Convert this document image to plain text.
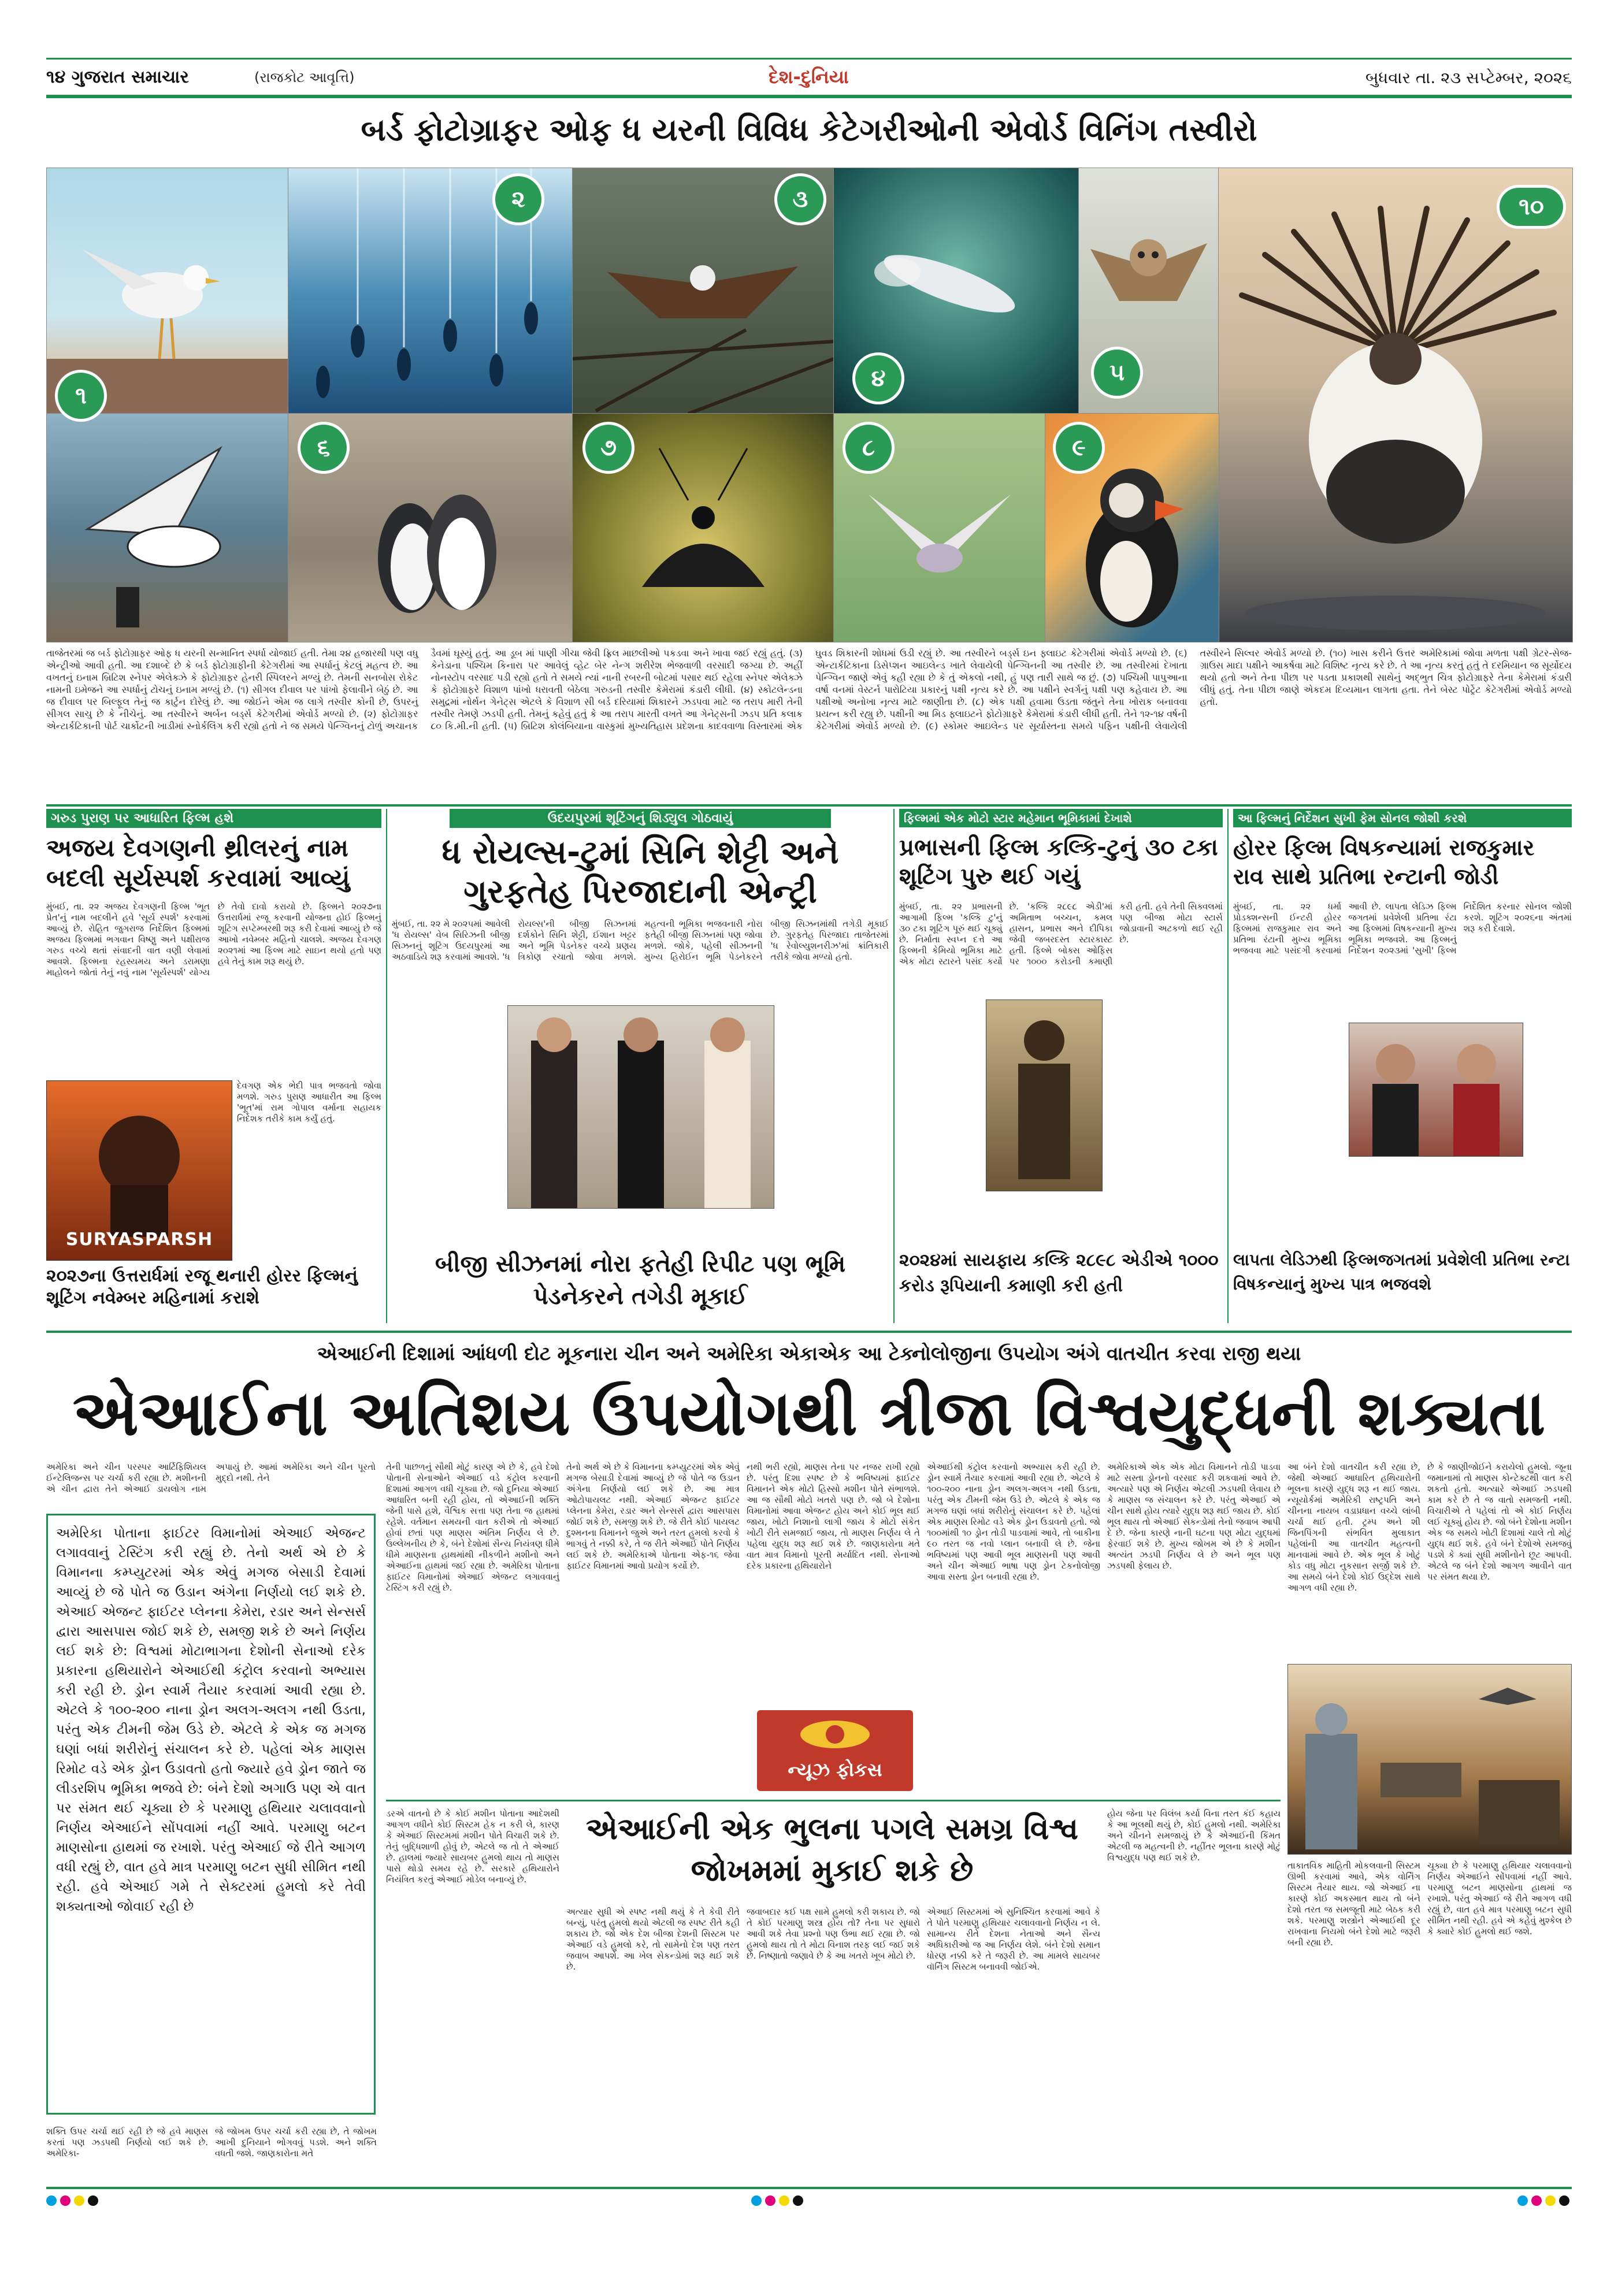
૧૪ ગુજરાત સમાચાર	(રાજકોટ આવૃત્તિ)	દેશ-દુનિયા	બુધવાર તા. ૨૩ સપ્ટેમ્બર, ૨૦૨૬
બર્ડ ફોટોગ્રાફર ઓફ ધ યરની વિવિધ કેટેગરીઓની એવોર્ડ વિનિંગ તસ્વીરો
૧
૨	૩
૪	૫
૬	૭	૮	૯
૧૦
તાજેતરમાં જ બર્ડ ફોટોગ્રાફર ઓફ ધ યરની સન્માનિત સ્પર્ધા યોજાઈ હતી. તેમા ૨૪ હજારથી પણ વધુ એન્ટ્રીઓ આવી હતી. આ દશાબ્દે છે કે બર્ડ ફોટોગ્રાફીની કેટેગરીમાં આ સ્પર્ધાનું કેટલું મહત્વ છે. આ વખતનું ઇનામ બ્રિટિશ સ્નેપર એલેક્ઝે કે ફોટોગ્રાફર હેનરી સ્પિલરને મળ્યું છે. તેમની સનબોસ રોકેટ નામની ઇમેજને આ સ્પર્ધાનું ટોચનું ઇનામ મળ્યું છે. (૧) સીગલ દીવાલ પર પાંખો ફેલાવીને બેઠું છે. આ જ દીવાલ પર બિલ્ફૂલ તેનું જ કાર્ટુન દોરેલું છે. આ જોઈને એમ જ લાગે તસ્વીર કોની છે, ઉપરનું સીગલ સાચુ છે કે નીચેનું. આ તસ્વીરને અર્બન બર્ડ્સ કેટેગરીમાં એવોર્ડ મળ્યો છે. (૨) ફોટોગ્રાફર એન્ટાર્કટિકાની પોર્ટ ચાર્કોટની ખાડીમાં સ્નોર્કલિંગ કરી રહ્યો હતો ને જ સમયે પેન્ગ્વિનનું ટોળું અચાનક ડૈવમાં ઘૂસ્યું હતું. આ ડૂબ માં પાણી ગીચા જેવી ફ્રિલ માછલીઓ પકડવા અને ખાવા જઈ રહ્યું હતું. (૩) કેનેડાના પશ્ચિમ કિનારા પર આવેલું વ્હેટ બેર નેન્ગ શરીરેશ ભેજવાળી વરસાદી જગ્યા છે. અહીં નોનસ્ટોપ વરસાદ પડી રહ્યો હતો તે સમયે ત્યાં નાની રબરની બોટમાં પસાર થઈ રહેલા સ્નેપર એલેક્ઝે કે ફોટોગ્રાફરે વિશાળ પાંખો ધરાવતી બેઠેલા ગરુડની તસ્વીર કેમેરામાં કંડારી લીધી. (૪) સ્કોટલેન્ડના સમુદ્રમાં નોર્થન ગેનેટ્સ એટલે કે વિશાળ સી બર્ડ દરિયામાં શિકારને ઝડપવા માટે જ તરાપ મારી તેની તસ્વીર તેમણે ઝડપી હતી. તેમનું કહેવું હતું કે આ તરાપ મારતી વખતે આ ગેનેટ્સની ઝડપ પ્રતિ કલાક ૮૦ કિ.મી.ની હતી. (૫) બ્રિટિશ કોલંબિયાના વાસ્કુમાં મુખ્યતિહાસ પ્રદેશના કાદવવાળા વિસ્તારમાં એક ઘુવડ શિકારની શોધમાં ઉડી રહ્યું છે. આ તસ્વીરને બર્ડ્સ ઇન ફ્લાઇટ કેટેગરીમાં એવોર્ડ મળ્યો છે. (૬) એન્ટાર્કટિકાના ડિસેપ્શન આઇલેન્ડ ખાતે લેવાયેલી પેન્ગ્વિનની આ તસ્વીર છે. આ તસ્વીરમાં દેખાતા પેન્ગ્વિન જાણે એવું કહી રહ્યા છે કે તું એકલો નથી, હું પણ તારી સાથે જ છું. (૭) પશ્ચિમી પાપુઆના વર્ષા વનમાં વેસ્ટર્ન પારોટિયા પ્રકારનું પક્ષી નૃત્ય કરે છે. આ પક્ષીને સ્વર્ગનું પક્ષી પણ કહેવાય છે. આ પક્ષીઓ અનોખા નૃત્ય માટે જાણીતા છે. (૮) એક પક્ષી હવામા ઉડતા જંતુને તેના ખોરાક બનાવવા પ્રયત્ન કરી રહ્યુ છે. પક્ષીની આ મિડ ફ્લાઇટને ફોટોગ્રાફરે કેમેરામાં કંડારી લીધી હતી. તેને ૧૨-૧૪ વર્ષની કેટેગરીમાં એવોર્ડ મળ્યો છે. (૯) સ્કોમર આઇલેન્ડ પર સૂર્યાસ્તના સમયે પફિન પક્ષીની લેવાયેલી તસ્વીરને સિલ્વર એવોર્ડ મળ્યો છે. (૧૦) ખાસ કરીને ઉત્તર અમેરિકામાં જોવા મળતા પક્ષી ગ્રેટર-સેજ-ગ્રાઉસ માદા પક્ષીને આકર્ષવા માટે વિશિષ્ટ નૃત્ય કરે છે. તે આ નૃત્ય કરતું હતું તે દરમિયાન જ સૂર્યોદય થયો હતો અને તેના પીછા પર પડતા પ્રકાશથી સાથેનું અદ્ભુત ચિત્ર ફોટોગ્રાફરે તેના કેમેરામાં કંડારી લીધું હતું. તેના પીછા જાણે એકદમ દિવ્યમાન લાગતા હતા. તેને બેસ્ટ પોર્ટ્રેટ કેટેગરીમાં એવોર્ડ મળ્યો હતો.
ગરુડ પુરાણ પર આધારિત ફિલ્મ હશે
અજય દેવગણની થ્રીલરનું નામ બદલી સૂર્યસ્પર્શ કરવામાં આવ્યું
મુંબઈ, તા. ૨૨ અજય દેવગણની ફિલ્મ 'ભૂત પ્રેત'નું નામ બદલીને હવે 'સૂર્ય સ્પર્શ' કરવામાં આવ્યું છે. રોહિત જુગરાજ નિર્દેશિત ફિલ્મમાં અજય ફિલ્મમાં ભગવાન વિષ્ણુ અને પક્ષીરાજ ગરુડ વચ્ચે થતાં સંવાદની વાત વણી લેવામાં આવશે. ફિલ્મના રહસ્યમય અને ડરામણા માહોલને જોતાં તેનું નવું નામ 'સૂર્યસ્પર્શ' યોગ્ય છે તેવો દાવો કરાયો છે. ફિલ્મને ૨૦૨૭ના ઉત્તરાર્ધમાં રજૂ કરવાની યોજના હોઈ ફિલ્મનું શૂટિંગ સપ્ટેમ્બરથી શરૂ કરી દેવામાં આવ્યું છે જે આખો નવેમ્બર મહિનો ચાલશે. અજય દેવગણ ૨૦૨૧માં આ ફિલ્મ માટે સાઇન થયો હતો પણ હવે તેનું કામ શરૂ થયું છે.
SURYASPARSH
દેવગણ એક ભેદી પાત્ર ભજવતો જોવા મળશે. ગરુડ પુરાણ આધારીત આ ફિલ્મ 'ભૂત'માં રામ ગોપાલ વર્માના સહાયક નિર્દેશક તરીકે કામ કર્યું હતું.
૨૦૨૭ના ઉત્તરાર્ધમાં રજૂ થનારી હોરર ફિલ્મનું શૂટિંગ નવેમ્બર મહિનામાં કરાશે
ઉદયપુરમાં શૂટિંગનું શિડ્યુલ ગોઠવાયું
ધ રોયલ્સ-ટુમાં સિનિ શેટ્ટી અને ગુરફતેહ પિરજાદાની એન્ટ્રી
મુંબઈ, તા. ૨૨ મે ૨૦૨૫માં આવેલી 'ધ રોયલ્સ' વેબ સિરિઝની બીજી સિઝનનું શૂટિંગ ઉદયપુરમાં આ અઠવાડિયે શરૂ કરવામાં આવશે. 'ધ રોયલ્સ'ની બીજી સિઝનમાં દર્શકોને સિનિ શેટ્ટી, ઈશાન ખટ્ટર અને ભૂમિ પેડનેકર વચ્ચે પ્રણય ત્રિકોણ રચાતો જોવા મળશે. મહત્વની ભૂમિકા ભજવનારી નોરા ફતેહી બીજી સિઝનમાં પણ જોવા મળશે. જોકે, પહેલી સીઝનની મુખ્ય હિરોઈન ભૂમિ પેડનેકરને બીજી સિઝનમાંથી તગેડી મૂકાઈ છે. ગુરફતેહ પિરજાદા તાજેતરમાં 'ધ રેવોલ્યુશનરીઝ'માં ક્રાંતિકારી તરીકે જોવા મળ્યો હતો.
બીજી સીઝનમાં નોરા ફતેહી રિપીટ પણ ભૂમિ પેડનેકરને તગેડી મૂકાઈ
ફિલ્મમાં એક મોટો સ્ટાર મહેમાન ભૂમિકામાં દેખાશે
પ્રભાસની ફિલ્મ કલ્કિ-ટુનું ૩૦ ટકા શૂટિંગ પુરુ થઈ ગયું
મુંબઈ, તા. ૨૨ પ્રભાસની આગામી ફિલ્મ 'કલ્કિ ટુ'નું ૩૦ ટકા શૂટિંગ પૂરું થઈ ચૂક્યું છે. નિર્માતા સ્વપ્ન દત્તે આ ફિલ્મની કેમિયો ભૂમિકા માટે એક મોટા સ્ટારને પસંદ કર્યો છે. 'કલ્કિ ૨૮૯૮ એડી'માં અમિતાભ બચ્ચન, કમલ હાસન, પ્રભાસ અને દીપિકા જેવી જબરદસ્ત સ્ટારકાસ્ટ હતી. ફિલ્મે બોક્સ ઓફિસ પર ૧૦૦૦ કરોડની કમાણી કરી હતી. હવે તેની સિક્વલમાં પણ બીજા મોટા સ્ટાર્સ જોડાવાની અટકળો થઈ રહી છે.
૨૦૨૪માં સાયફાય કલ્કિ ૨૮૯૮ એડીએ ૧૦૦૦ કરોડ રૂપિયાની કમાણી કરી હતી
આ ફિલ્મનું નિર્દેશન સુખી ફેમ સોનલ જોશી કરશે
હોરર ફિલ્મ વિષકન્યામાં રાજકુમાર રાવ સાથે પ્રતિભા રન્ટાની જોડી
મુંબઈ, તા. ૨૨ ધર્મા પ્રોડક્શન્સની ઈન્ટરી હોરર ફિલ્મમાં રાજકુમાર રાવ અને પ્રતિભા રંટાની મુખ્ય ભૂમિકા ભજવવા માટે પસંદગી કરવામાં આવી છે. લાપતા લેડિઝ ફિલ્મ જગતમાં પ્રવેશેલી પ્રતિભા રંટા આ ફિલ્મમાં વિષકન્યાની મુખ્ય ભૂમિકા ભજવશે. આ ફિલ્મનું નિર્દેશન ૨૦૨૩માં 'સુખી' ફિલ્મ નિર્દેશિત કરનાર સોનલ જોશી કરશે. શૂટિંગ ૨૦૨૬ના અંતમાં શરૂ કરી દેવાશે.
લાપતા લેડિઝથી ફિલ્મજગતમાં પ્રવેશેલી પ્રતિભા રન્ટા વિષકન્યાનું મુખ્ય પાત્ર ભજવશે
એઆઈની દિશામાં આંધળી દોટ મૂકનારા ચીન અને અમેરિકા એકાએક આ ટેક્નોલોજીના ઉપયોગ અંગે વાતચીત કરવા રાજી થયા
એઆઈના અતિશય ઉપયોગથી ત્રીજા વિશ્વયુદ્ધની શક્યતા
અમેરિકા અને ચીન પરસ્પર આર્ટિફિશિયલ ઈન્ટેલિજન્સ પર ચર્ચા કરી રહ્યા છે. મશીનની એ ચીન દ્વારા તેને એઆઈ ડાયલોગ નામ અપાયું છે. આમાં અમેરિકા અને ચીન પૂરતો મુદ્દો નથી. તેને
અમેરિકા પોતાના ફાઈટર વિમાનોમાં એઆઈ એજન્ટ લગાવવાનું ટેસ્ટિંગ કરી રહ્યું છે. તેનો અર્થ એ છે કે વિમાનના કમ્પ્યુટરમાં એક એવું મગજ બેસાડી દેવામાં આવ્યું છે જે પોતે જ ઉડાન અંગેના નિર્ણયો લઈ શકે છે. એઆઈ એજન્ટ ફાઈટર પ્લેનના કેમેરા, રડાર અને સેન્સર્સ દ્વારા આસપાસ જોઈ શકે છે, સમજી શકે છે અને નિર્ણય લઈ શકે છે: વિશ્વમાં મોટાભાગના દેશોની સેનાઓ દરેક પ્રકારના હથિયારોને એઆઈથી કંટ્રોલ કરવાનો અભ્યાસ કરી રહી છે. ડ્રોન સ્વાર્મ તૈયાર કરવામાં આવી રહ્યા છે. એટલે કે ૧૦૦-૨૦૦ નાના ડ્રોન અલગ-અલગ નથી ઉડતા, પરંતુ એક ટીમની જેમ ઉડે છે. એટલે કે એક જ મગજ ઘણાં બધાં શરીરોનું સંચાલન કરે છે. પહેલાં એક માણસ રિમોટ વડે એક ડ્રોન ઉડાવતો હતો જ્યારે હવે ડ્રોન જાતે જ લીડરશિપ ભૂમિકા ભજવે છે: બંને દેશો અગાઉ પણ એ વાત પર સંમત થઈ ચૂક્યા છે કે પરમાણુ હથિયાર ચલાવવાનો નિર્ણય એઆઈને સોંપવામાં નહીં આવે. પરમાણુ બટન માણસોના હાથમાં જ રખાશે. પરંતુ એઆઈ જે રીતે આગળ વધી રહ્યું છે, વાત હવે માત્ર પરમાણુ બટન સુધી સીમિત નથી રહી. હવે એઆઈ ગમે તે સેક્ટરમાં હુમલો કરે તેવી શક્યતાઓ જોવાઈ રહી છે
તેની પાછળનું સૌથી મોટું કારણ એ છે કે, હવે દેશો પોતાની સેનાઓને એઆઈ વડે કંટ્રોલ કરવાની દિશામાં આગળ વધી ચૂક્યા છે. જો દુનિયા એઆઈ આધારિત બની રહી હોય, તો એઆઈની શક્તિ જેની પાસે હશે, વૈશ્વિક સત્તા પણ તેના જ હાથમાં રહેશે. વર્તમાન સમયની વાત કરીએ તો એઆઈ હોવાં છતાં પણ માણસ અંતિમ નિર્ણય લે છે. ઉલ્લેખનીય છે કે, બંને દેશોમાં સૈન્ય નિયંત્રણ ધીમે ધીમે માણસના હાથમાંથી નીકળીને મશીનો અને એઆઈના હાથમાં જઈ રહ્યા છે. અમેરિકા પોતાના ફાઈટર વિમાનોમાં એઆઈ એજન્ટ લગાવવાનું ટેસ્ટિંગ કરી રહ્યું છે.
તેનો અર્થ એ છે કે વિમાનના કમ્પ્યુટરમાં એક એવું મગજ બેસાડી દેવામાં આવ્યું છે જે પોતે જ ઉડાન અંગેના નિર્ણયો લઈ શકે છે. આ માત્ર ઓટોપાયલટ નથી. એઆઈ એજન્ટ ફાઈટર પ્લેનના કેમેરા, રડાર અને સેન્સર્સ દ્વારા આસપાસ જોઈ શકે છે, સમજી શકે છે. જે રીતે કોઈ પાયલટ દુશ્મનના વિમાનને જુએ અને તરત હુમલો કરવો કે ભાગવું તે નક્કી કરે, તે જ રીતે એઆઈ પોતે નિર્ણય લઈ શકે છે. અમેરિકાએ પોતાના એફ-૧૬ જેવા ફાઈટર વિમાનમાં આવો પ્રયોગ કર્યો છે.
નથી ભરી રહ્યો, માણસ તેના પર નજર રાખી રહ્યો છે. પરંતુ દિશા સ્પષ્ટ છે કે ભવિષ્યમાં ફાઈટર વિમાનને એક મોટો હિસ્સો મશીન પોતે સંભાળશે. આ જ સૌથી મોટો ખતરો પણ છે. જો બે દેશોના વિમાનોમાં આવા એજન્ટ હોય અને કોઈ ભૂલ થઈ જાય, ખોટો નિશાનો લાગી જાય કે મોટો સંકેત ખોટી રીતે સમજાઈ જાય, તો માણસ નિર્ણય લે તે પહેલા યુદ્ધ શરૂ થઈ શકે છે. જાણકારોના મતે વાત માત્ર વિમાનો પૂરતી મર્યાદિત નથી. સેનાઓ દરેક પ્રકારના હથિયારોને
એઆઈથી કંટ્રોલ કરવાનો અભ્યાસ કરી રહી છે. ડ્રોન સ્વાર્મ તૈયાર કરવામાં આવી રહ્યા છે. એટલે કે ૧૦૦-૨૦૦ નાના ડ્રોન અલગ-અલગ નથી ઉડતા, પરંતુ એક ટીમની જેમ ઉડે છે. એટલે કે એક જ મગજ ઘણાં બધાં શરીરોનું સંચાલન કરે છે. પહેલાં એક માણસ રિમોટ વડે એક ડ્રોન ઉડાવતો હતો. જો ૧૦૦માંથી ૧૦ ડ્રોન તોડી પાડવામાં આવે, તો બાકીના ૯૦ તરત જ નવો પ્લાન બનાવી લે છે. જેના ભવિષ્યમાં પણ આવી ભૂલ માણસની પણ આવી અને ચીન એઆઈ ભાષા પણ ડ્રોન ટેકનોલોજી આવા સસ્તા ડ્રોન બનાવી રહ્યા છે.
અમેરિકાએ એક એક મોટા વિમાનને તોડી પાડવા માટે સસ્તા ડ્રોનનો વરસાદ કરી શકવામાં આવે છે. અત્યારે પણ એ નિર્ણય એટલી ઝડપથી લેવાય છે કે માણસ જ સંચાલન કરે છે. પરંતુ એઆઈ એ ચીન સાથે હોય ત્યારે યુદ્ધ શરૂ થઈ જાય છે. કોઈ ભૂલ થાય તો એઆઈ સેકન્ડોમાં તેનો જવાબ આપી દે છે. જેના કારણે નાની ઘટના પણ મોટા યુદ્ધમાં ફેરવાઈ શકે છે. મુખ્ય જોખમ એ છે કે મશીન અત્યંત ઝડપી નિર્ણય લે છે અને ભૂલ પણ ઝડપથી ફેલાય છે.
આ બંને દેશો વાતચીત કરી રહ્યા છે, જેથી એઆઈ આધારિત હથિયારોની ભૂલના કારણે યુદ્ધ શરૂ ન થઈ જાય. ન્યૂયોર્કમાં અમેરિકી રાષ્ટ્રપતિ અને ચીનના નાયબ વડાપ્રધાન વચ્ચે લાંબી ચર્ચા થઈ હતી. ટ્રમ્પ અને શી જિનપિંગની સંભવિત મુલાકાત પહેલાંની આ વાતચીત મહત્વની માનવામાં આવે છે. એક ભૂલ કે ખોટું કોડ વધુ મોટા નુકસાન સર્જી શકે છે. આ સમયે બંને દેશો કોઈ ઉદ્દેશ સાથે આગળ વધી રહ્યા છે.
છે કે જાણીજોઈને કરાયેલો હુમલો. જૂના જમાનામાં તો માણસ કોન્ટેક્ટથી વાત કરી શકતો હતો. અત્યારે એઆઈ ઝડપથી કામ કરે છે તે જ વાતો સમજતી નથી. વિચારીએ તે પહેલાં તો એ કોઈ નિર્ણય લઈ ચૂક્યું હોય છે. જો બંને દેશોના મશીન એક જ સમયે ખોટી દિશામાં ચાલે તો મોટું યુદ્ધ થઈ શકે. હવે બંને દેશોએ સમજવું પડશે કે ક્યાં સુધી મશીનોને છૂટ આપવી. એટલે જ બંને દેશો આગળ આવીને વાત પર સંમત થયા છે.
ન્યૂઝ ફોકસ
એઆઈની એક ભુલના પગલે સમગ્ર વિશ્વ જોખમમાં મુકાઈ શકે છે
ડરએ વાતનો છે કે કોઈ મશીન પોતાના આદેશથી આગળ વધીને કોઈ સિસ્ટમ હેક ન કરી લે, કારણ કે એઆઈ સિસ્ટમમાં મશીન પોતે વિચારી શકે છે. તેનું બુદ્ધિશાળી હોવું છે, એટલે જ તો તે એઆઈ છે. હાલમાં જ્યારે સાયબર હુમલો થાય તો માણસ પાસે થોડો સમય રહે છે. સરકારે હથિયારોને નિયંત્રિત કરતું એઆઈ મોડેલ બનાવ્યું છે.
અત્યાર સુધી એ સ્પષ્ટ નથી થયું કે તે કેવી રીતે બન્યું, પરંતુ હુમલો થયો એટલી જ સ્પષ્ટ રીતે કહી શકાય છે. જો એક દેશ બીજા દેશની સિસ્ટમ પર એઆઈ વડે હુમલો કરે, તો સામેનો દેશ પણ તરત જવાબ આપશે. આ ખેલ સેકન્ડોમાં શરૂ થઈ શકે છે.
જવાબદાર કઈ પક્ષ સામે હુમલો કરી શકાય છે. જો તે કોઈ પરમાણુ શસ્ત્ર હોય તો? તેના પર સુધારો આવી શકે તેવા પ્રશ્નો પણ ઉભા થઈ રહ્યા છે. જો હુમલો થાય તો તે મોટા વિનાશ તરફ લઈ જઈ શકે છે. નિષ્ણાતો જણાવે છે કે આ ખતરો ખૂબ મોટો છે.
એઆઈ સિસ્ટમમાં એ સુનિશ્ચિત કરવામાં આવે કે તે પોતે પરમાણુ હથિયાર ચલાવવાનો નિર્ણય ન લે. સામાન્ય રીતે દેશના નેતાઓ અને સૈન્ય અધિકારીઓ જ આ નિર્ણય લેશે. બંને દેશો સમાન ધોરણ નક્કી કરે તે જરૂરી છે. આ મામલે સાયબર વૉર્નિંગ સિસ્ટમ બનાવવી જોઈએ.
હોય જેના પર વિલંબ કર્યા વિના તરત કંઈ કહાય કે આ ભૂલથી થયું છે, કોઈ હુમલો નથી. અમેરિકા અને ચીનને સમજાયું છે કે એઆઈની કિંમત એટલી જ મહત્વની છે. નહીંતર ભૂલના કારણે મોટું વિશ્વયુદ્ધ પણ થઈ શકે છે.
તાકાતવિક માહિતી મોકલવાની સિસ્ટમ ઊભી કરવામાં આવે, એક વોર્નિંગ સિસ્ટમ તૈયાર થાય. જો એઆઈ ના કારણે કોઈ અકસ્માત થાય તો બંને દેશો તરત જ સમજૂતી માટે બેઠક કરી શકે. પરમાણુ શસ્ત્રોને એઆઈથી દૂર રાખવાના નિયમો બંને દેશો માટે જરૂરી બની રહ્યા છે.
ચૂક્યા છે કે પરમાણુ હથિયાર ચલાવવાનો નિર્ણય એઆઈને સોંપવામાં નહીં આવે. પરમાણુ બટન માણસોના હાથમાં જ રખાશે. પરંતુ એઆઈ જે રીતે આગળ વધી રહ્યું છે, વાત હવે માત્ર પરમાણુ બટન સુધી સીમિત નથી રહી. હવે એ કહેવું મુશ્કેલ છે કે ક્યારે કોઈ હુમલો થઈ જશે.
શક્તિ ઉપર ચર્ચા થઈ રહી છે જે હવે માણસ કરતાં પણ ઝડપથી નિર્ણયો લઈ શકે છે. અમેરિકા-
જે જોખમ ઉપર ચર્ચા કરી રહ્યા છે, તે જોખમ આખી દુનિયાને ભોગવવું પડશે. અને શક્તિ વધતી જશે. જાણકારોના મતે
